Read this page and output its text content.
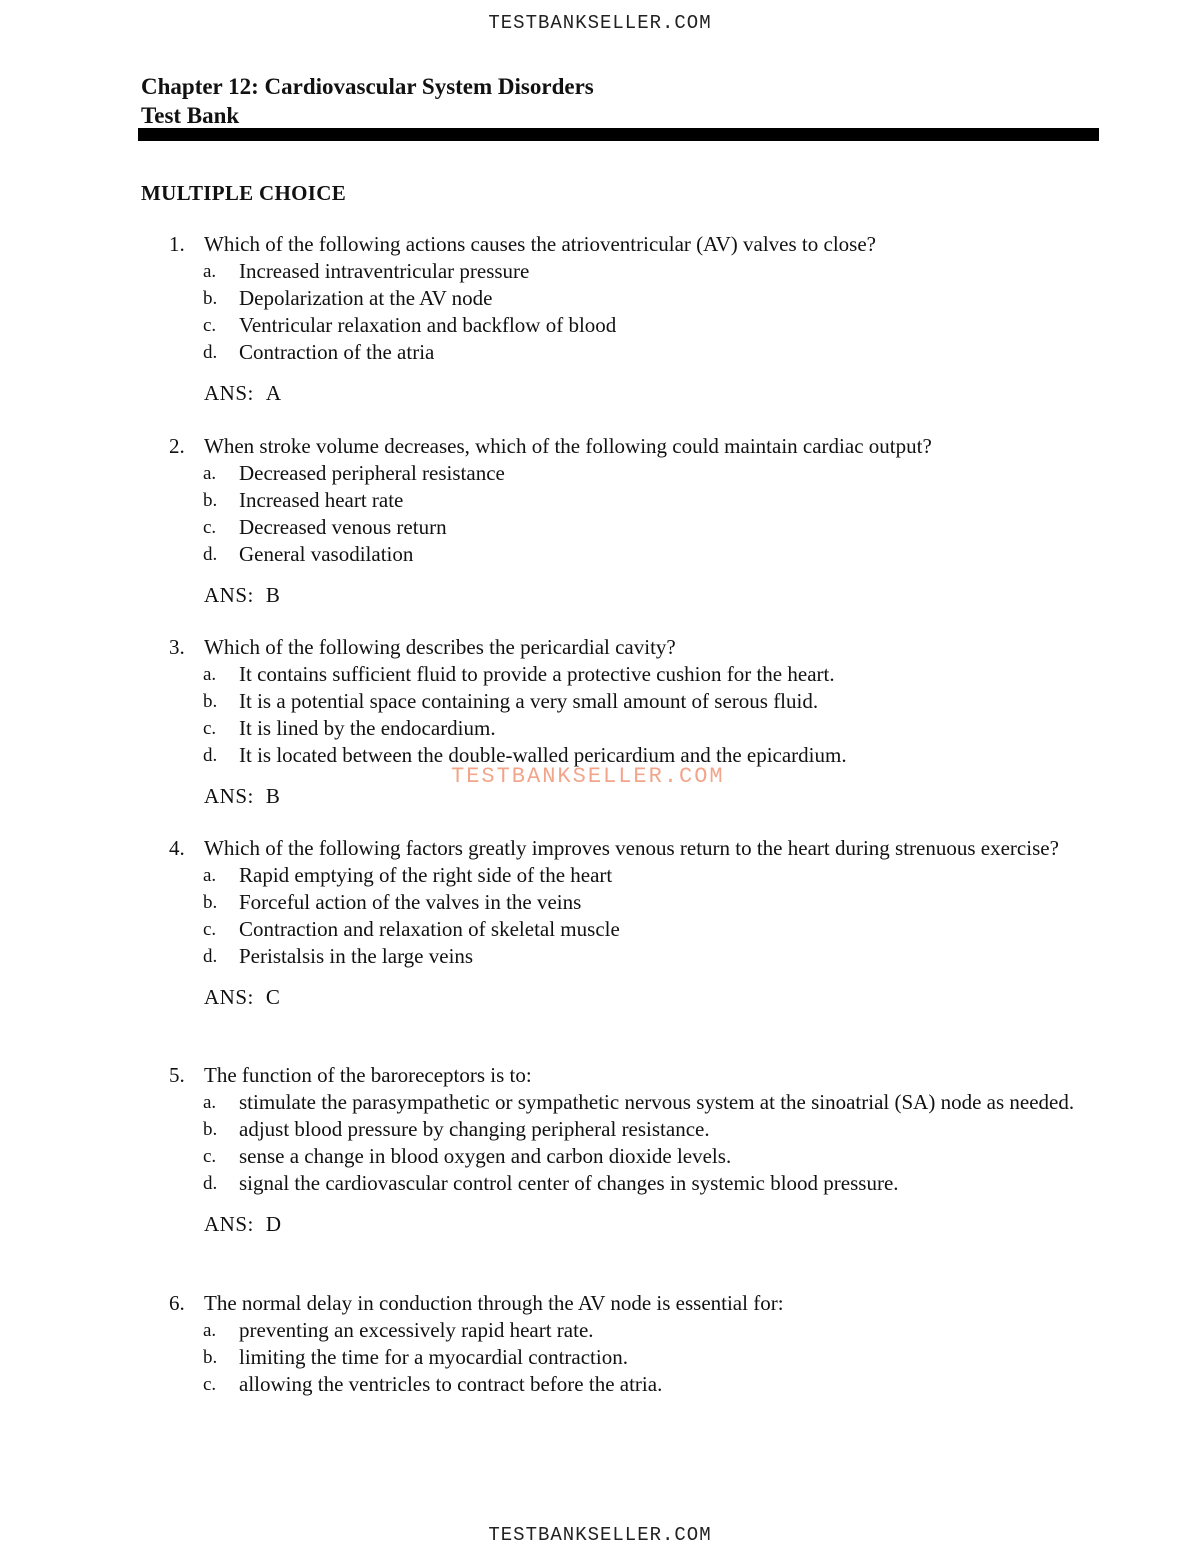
TESTBANKSELLER.COM
Chapter 12: Cardiovascular System Disorders
Test Bank
MULTIPLE CHOICE
1. Which of the following actions causes the atrioventricular (AV) valves to close?
a. Increased intraventricular pressure
b. Depolarization at the AV node
c. Ventricular relaxation and backflow of blood
d. Contraction of the atria
ANS: A
2. When stroke volume decreases, which of the following could maintain cardiac output?
a. Decreased peripheral resistance
b. Increased heart rate
c. Decreased venous return
d. General vasodilation
ANS: B
3. Which of the following describes the pericardial cavity?
a. It contains sufficient fluid to provide a protective cushion for the heart.
b. It is a potential space containing a very small amount of serous fluid.
c. It is lined by the endocardium.
d. It is located between the double-walled pericardium and the epicardium.
ANS: B
TESTBANKSELLER.COM
4. Which of the following factors greatly improves venous return to the heart during strenuous exercise?
a. Rapid emptying of the right side of the heart
b. Forceful action of the valves in the veins
c. Contraction and relaxation of skeletal muscle
d. Peristalsis in the large veins
ANS: C
5. The function of the baroreceptors is to:
a. stimulate the parasympathetic or sympathetic nervous system at the sinoatrial (SA) node as needed.
b. adjust blood pressure by changing peripheral resistance.
c. sense a change in blood oxygen and carbon dioxide levels.
d. signal the cardiovascular control center of changes in systemic blood pressure.
ANS: D
6. The normal delay in conduction through the AV node is essential for:
a. preventing an excessively rapid heart rate.
b. limiting the time for a myocardial contraction.
c. allowing the ventricles to contract before the atria.
TESTBANKSELLER.COM
